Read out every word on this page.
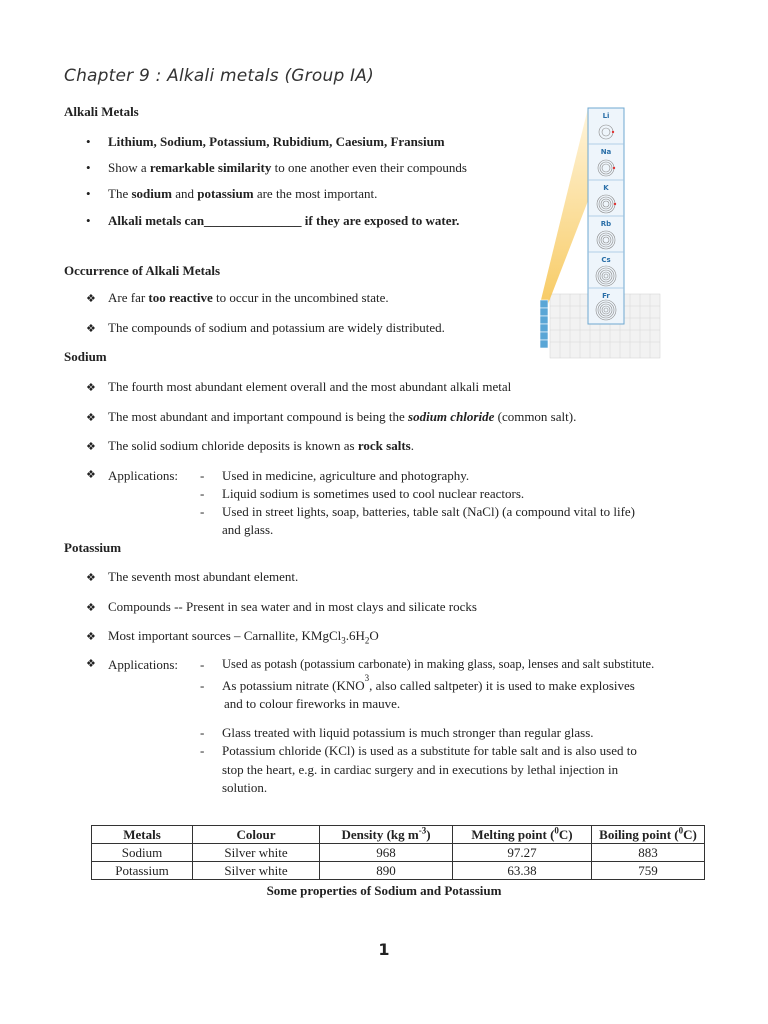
Chapter 9 : Alkali metals (Group IA)
Alkali Metals
• Lithium, Sodium, Potassium, Rubidium, Caesium, Fransium
• Show a remarkable similarity to one another even their compounds
• The sodium and potassium are the most important.
• Alkali metals can_______________ if they are exposed to water.
Li
Na
K
Rb
Cs
Fr
Occurrence of Alkali Metals
❖ Are far too reactive to occur in the uncombined state.
❖ The compounds of sodium and potassium are widely distributed.
Sodium
❖ The fourth most abundant element overall and the most abundant alkali metal
❖ The most abundant and important compound is being the sodium chloride (common salt).
❖ The solid sodium chloride deposits is known as rock salts.
❖ Applications:	-	Used in medicine, agriculture and photography.
-	Liquid sodium is sometimes used to cool nuclear reactors.
-	Used in street lights, soap, batteries, table salt (NaCl) (a compound vital to life)
and glass.
Potassium
❖ The seventh most abundant element.
❖ Compounds -- Present in sea water and in most clays and silicate rocks
❖ Most important sources – Carnallite, $KMgCl_3.6H_2O$
❖ Applications:	-	Used as potash (potassium carbonate) in making glass, soap, lenses and salt substitute.
-	As potassium nitrate (KNO 3 , also called saltpeter) it is used to make explosives
and to colour fireworks in mauve.
-	Glass treated with liquid potassium is much stronger than regular glass.
-	Potassium chloride (KCl) is used as a substitute for table salt and is also used to
stop the heart, e.g. in cardiac surgery and in executions by lethal injection in
solution.
Metals	Colour	Density (kg $m^{-3}$)	Melting point ($^0$C)	Boiling point ($^0$C)
Sodium	Silver white	968	97.27	883
Potassium	Silver white	890	63.38	759
Some properties of Sodium and Potassium
1
